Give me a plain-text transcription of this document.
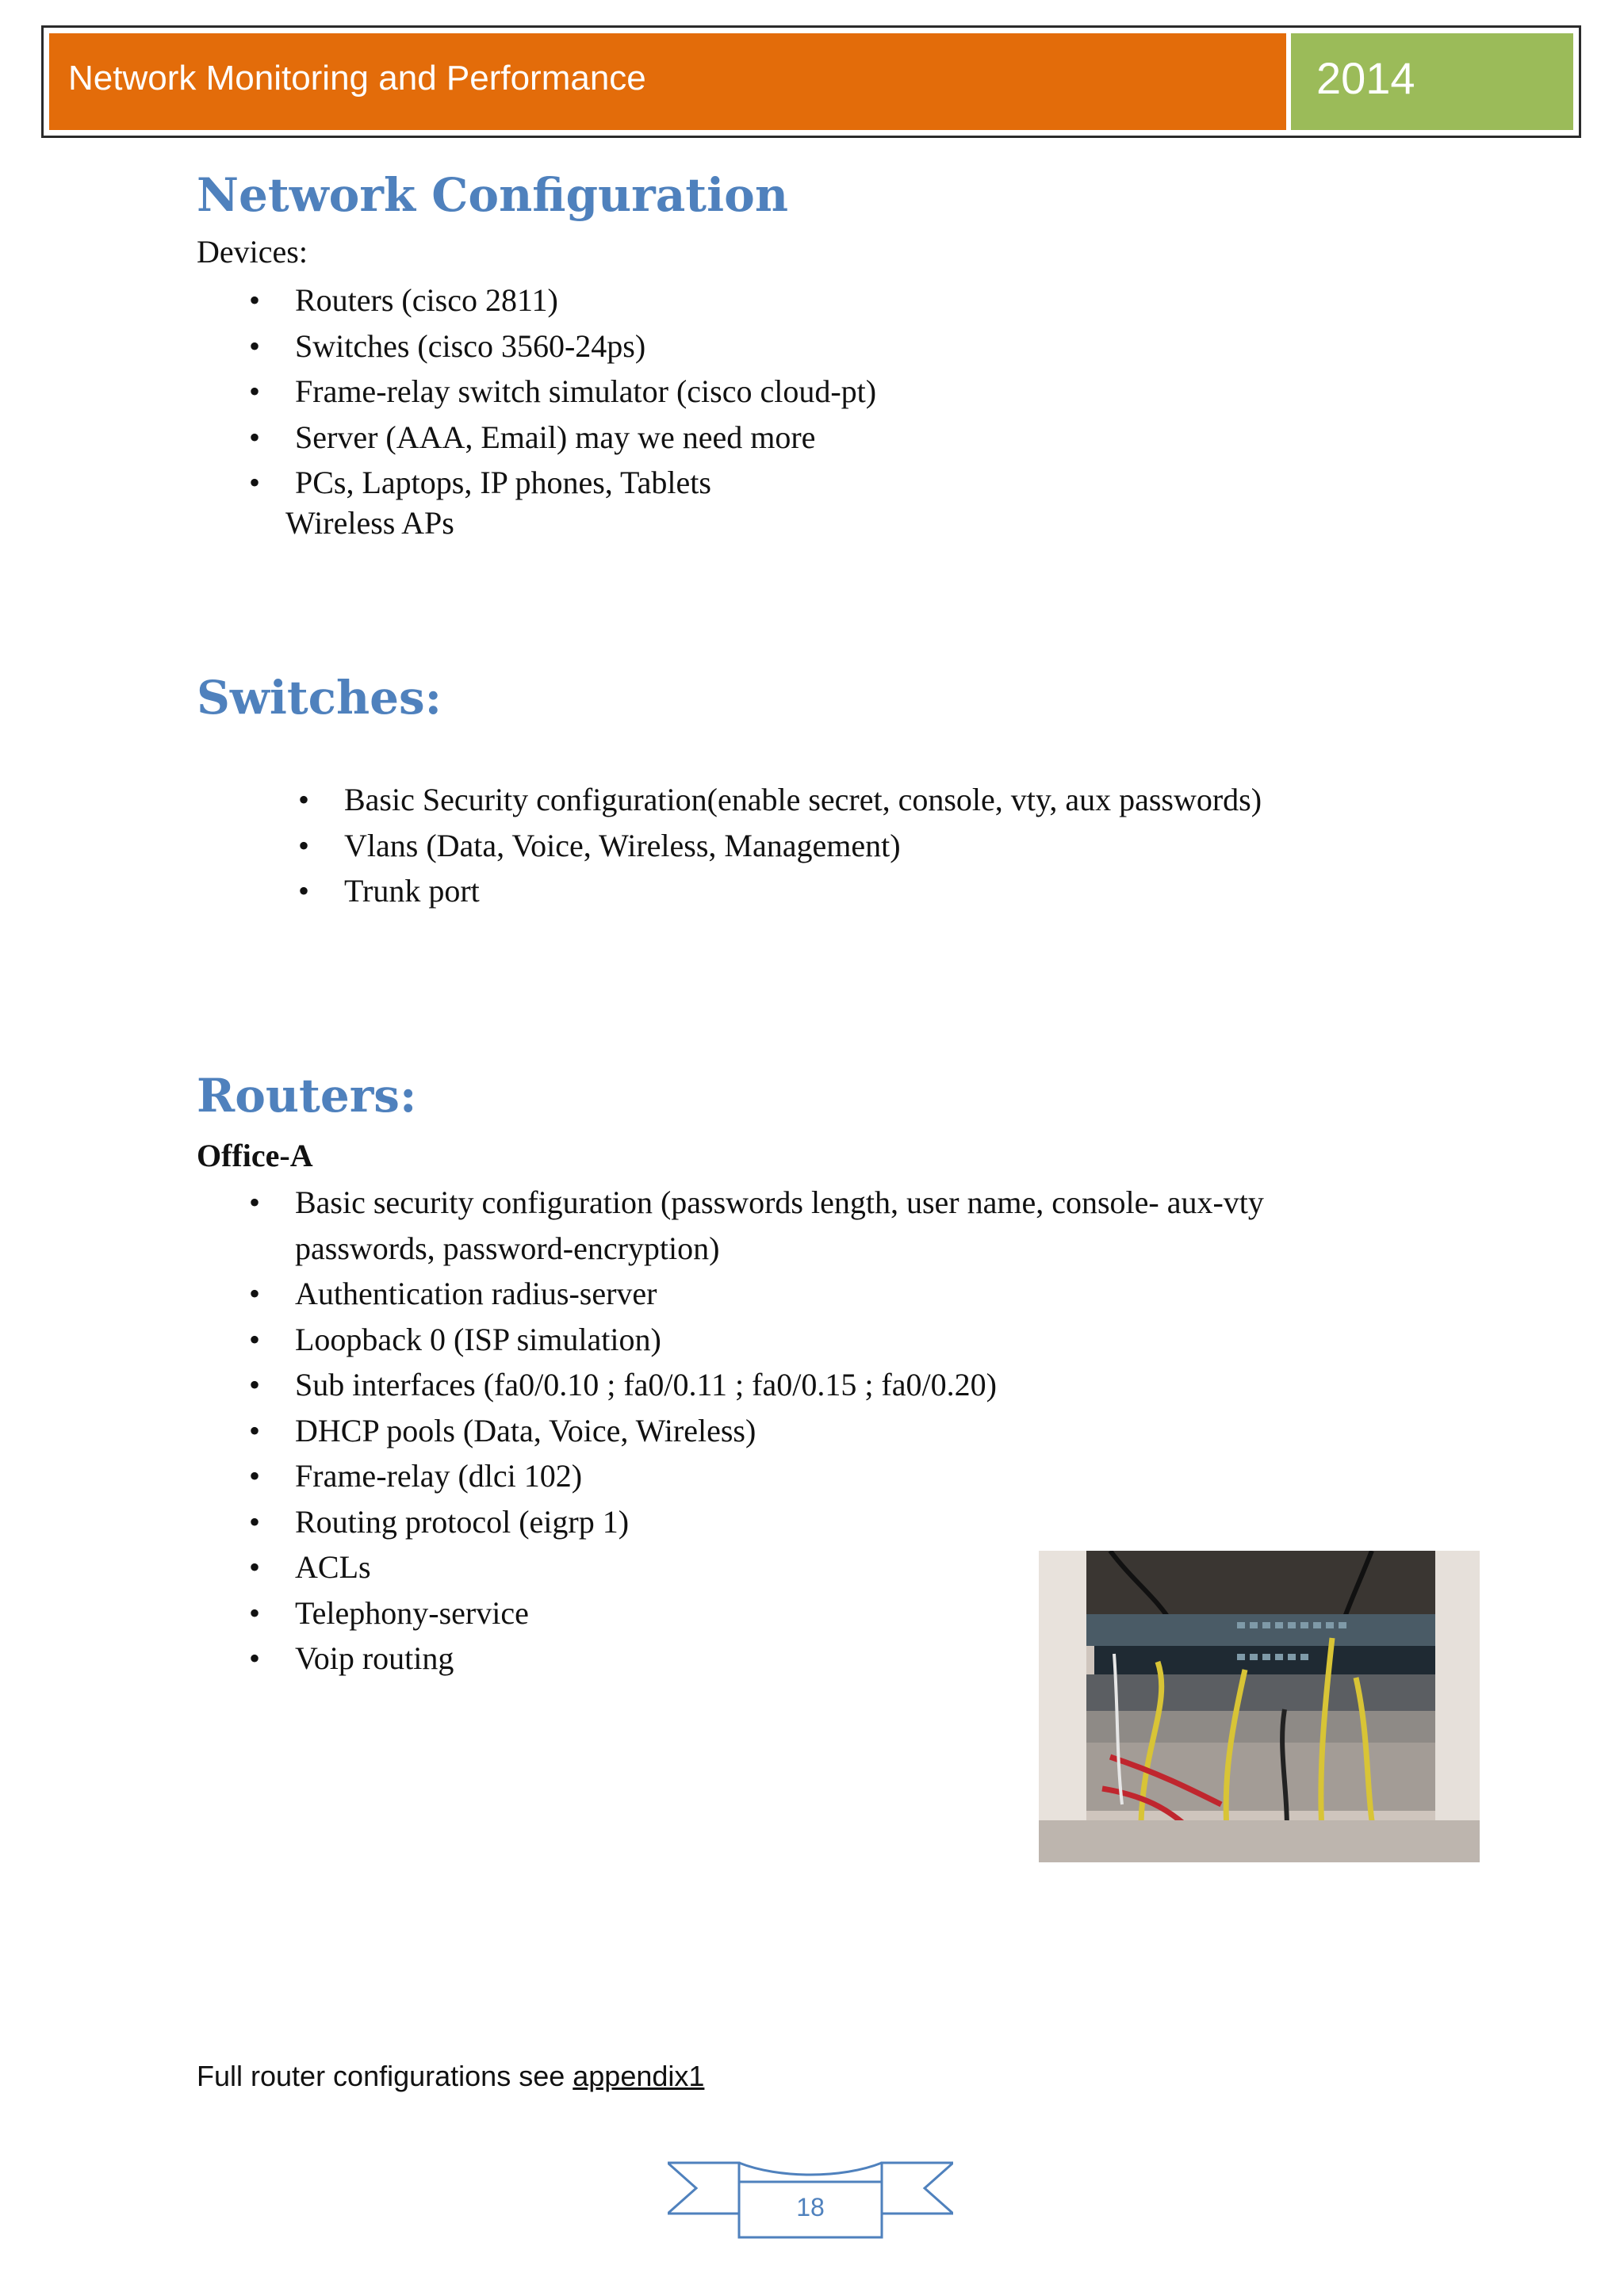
Network Monitoring and Performance	2014
Network Configuration
Devices:
• Routers (cisco 2811)
• Switches (cisco 3560-24ps)
• Frame-relay switch simulator (cisco cloud-pt)
• Server (AAA, Email) may we need more
• PCs, Laptops, IP phones, Tablets
Wireless APs
Switches:
• Basic Security configuration(enable secret, console, vty, aux passwords)
• Vlans (Data, Voice, Wireless, Management)
• Trunk port
Routers:
Office-A
• Basic security configuration (passwords length, user name, console- aux-vty passwords, password-encryption)
• Authentication radius-server
• Loopback 0 (ISP simulation)
• Sub interfaces (fa0/0.10 ; fa0/0.11 ; fa0/0.15 ; fa0/0.20)
• DHCP pools (Data, Voice, Wireless)
• Frame-relay (dlci 102)
• Routing protocol (eigrp 1)
• ACLs
• Telephony-service
• Voip routing
Full router configurations see appendix1
18
